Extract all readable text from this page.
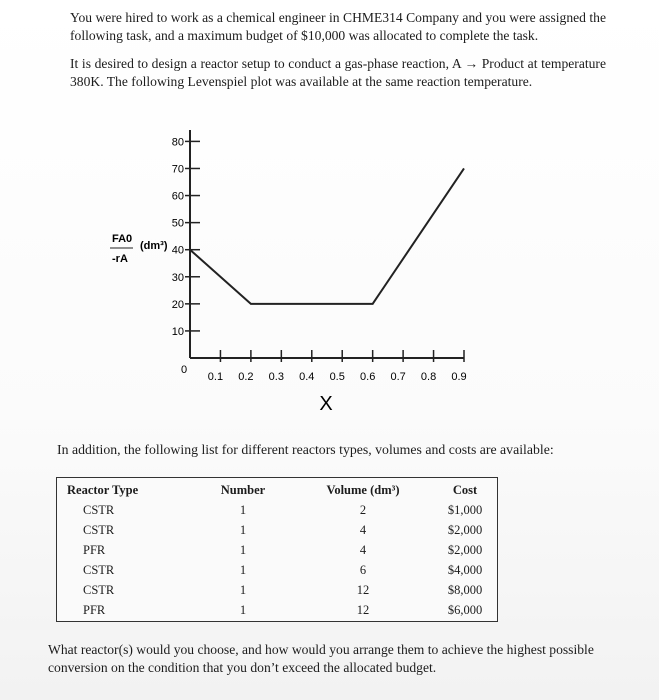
You were hired to work as a chemical engineer in CHME314 Company and you were assigned the following task, and a maximum budget of $10,000 was allocated to complete the task.
It is desired to design a reactor setup to conduct a gas-phase reaction, A → Product at temperature 380K. The following Levenspiel plot was available at the same reaction temperature.
10
20
30
40
50
60
70
80
0.1 0.2 0.3 0.4 0.5 0.6 0.7 0.8 0.9
0
X
FA0
-rA
(dm³)
In addition, the following list for different reactors types, volumes and costs are available:
Reactor Type	Number	Volume (dm³)	Cost
CSTR	1	2	$1,000
CSTR	1	4	$2,000
PFR	1	4	$2,000
CSTR	1	6	$4,000
CSTR	1	12	$8,000
PFR	1	12	$6,000
What reactor(s) would you choose, and how would you arrange them to achieve the highest possible conversion on the condition that you don’t exceed the allocated budget.
